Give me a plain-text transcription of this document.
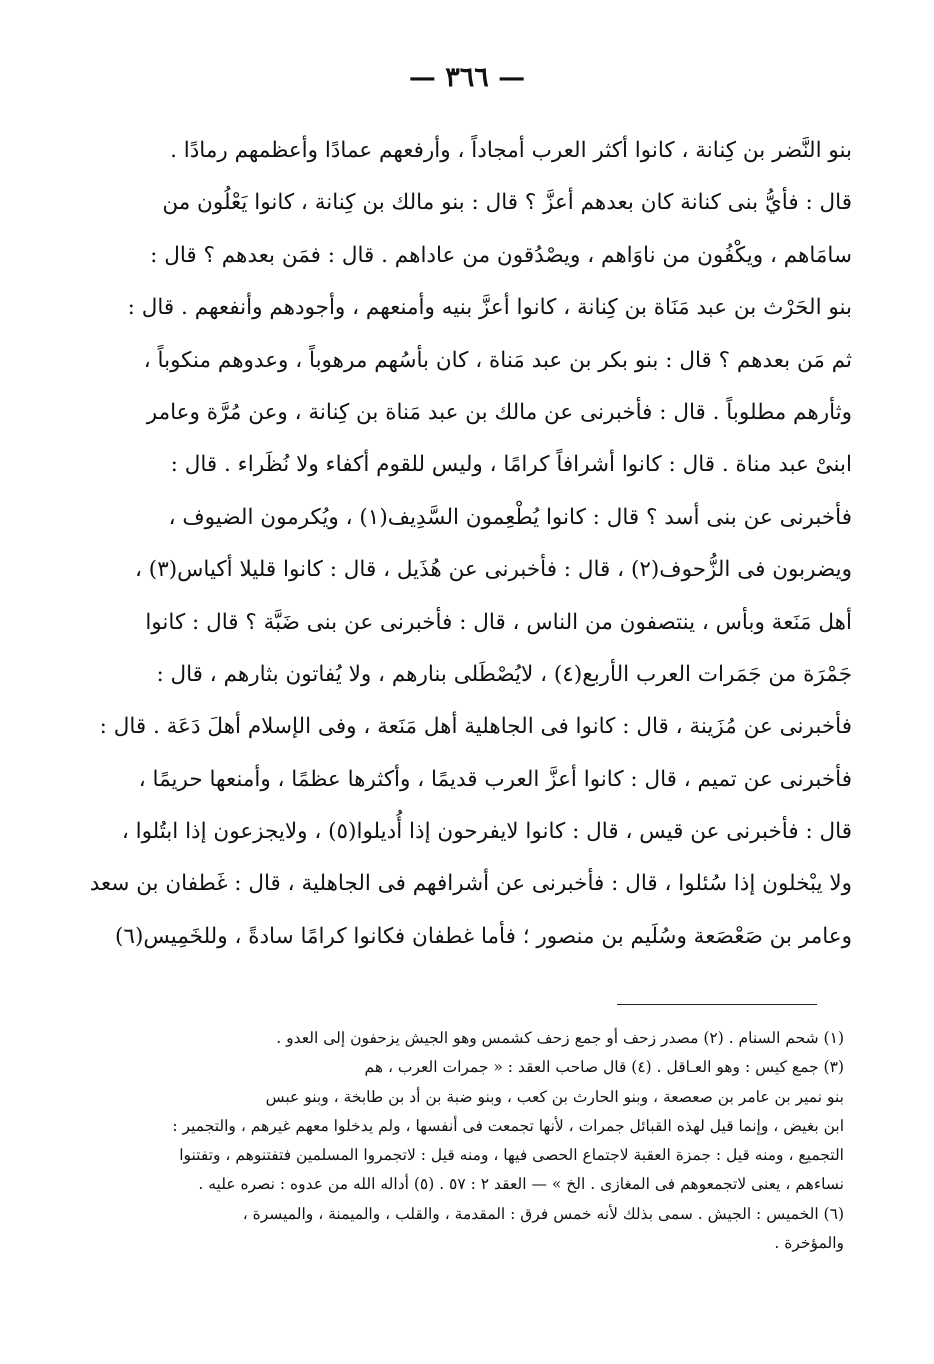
— ٣٦٦ —
بنو النَّضر بن كِنانة ، كانوا أكثر العرب أمجاداً ، وأرفعهم عمادًا وأعظمهم رمادًا .
قال : فأيُّ بنى كنانة كان بعدهم أعزَّ ؟ قال : بنو مالك بن كِنانة ، كانوا يَعْلُون من
سامَاهم ، ويكْفُون من ناوَاهم ، ويصْدُقون من عاداهم . قال : فمَن بعدهم ؟ قال :
بنو الحَرْث بن عبد مَنَاة بن كِنانة ، كانوا أعزَّ بنيه وأمنعهم ، وأجودهم وأنفعهم . قال :
ثم مَن بعدهم ؟ قال : بنو بكر بن عبد مَناة ، كان بأسُهم مرهوباً ، وعدوهم منكوباً ،
وثأرهم مطلوباً . قال : فأخبرنى عن مالك بن عبد مَناة بن كِنانة ، وعن مُرَّة وعامر
ابنىْ عبد مناة . قال : كانوا أشرافاً كرامًا ، وليس للقوم أكفاء ولا نُظَراء . قال :
فأخبرنى عن بنى أسد ؟ قال : كانوا يُطْعِمون السَّدِيف(١) ، ويُكرمون الضيوف ،
ويضربون فى الزُّحوف(٢) ، قال : فأخبرنى عن هُذَيل ، قال : كانوا قليلا أكياس(٣) ،
أهل مَنَعة وبأس ، ينتصفون من الناس ، قال : فأخبرنى عن بنى ضَبَّة ؟ قال : كانوا
جَمْرَة من جَمَرات العرب الأربع(٤) ، لايُصْطَلى بنارهم ، ولا يُفاتون بثارهم ، قال :
فأخبرنى عن مُزَينة ، قال : كانوا فى الجاهلية أهل مَنَعة ، وفى الإسلام أهلَ دَعَة . قال :
فأخبرنى عن تميم ، قال : كانوا أعزَّ العرب قديمًا ، وأكثرها عظمًا ، وأمنعها حريمًا ،
قال : فأخبرنى عن قيس ، قال : كانوا لايفرحون إذا أُديلوا(٥) ، ولايجزعون إذا ابتُلوا ،
ولا يبْخلون إذا سُئلوا ، قال : فأخبرنى عن أشرافهم فى الجاهلية ، قال : غَطفان بن سعد
وعامر بن صَعْصَعة وسُلَيم بن منصور ؛ فأما غطفان فكانوا كرامًا سادةً ، وللخَمِيس(٦)
(١) شحم السنام . (٢) مصدر زحف أو جمع زحف كشمس وهو الجيش يزحفون إلى العدو .
(٣) جمع كيس : وهو العـاقل . (٤) قال صاحب العقد : « جمرات العرب ، هم
بنو نمير بن عامر بن صعصعة ، وبنو الحارث بن كعب ، وبنو ضبة بن أد بن طابخة ، وبنو عبس
ابن بغيض ، وإنما قيل لهذه القبائل جمرات ، لأنها تجمعت فى أنفسها ، ولم يدخلوا معهم غيرهم ، والتجمير :
التجميع ، ومنه قيل : جمزة العقبة لاجتماع الحصى فيها ، ومنه قيل : لاتجمروا المسلمين فتفتنوهم ، وتفتنوا
نساءهم ، يعنى لاتجمعوهم فى المغازى . الخ » — العقد ٢ : ٥٧ . (٥) أداله الله من عدوه : نصره عليه .
(٦) الخميس : الجيش . سمى بذلك لأنه خمس فرق : المقدمة ، والقلب ، والميمنة ، والميسرة ،
والمؤخرة .
